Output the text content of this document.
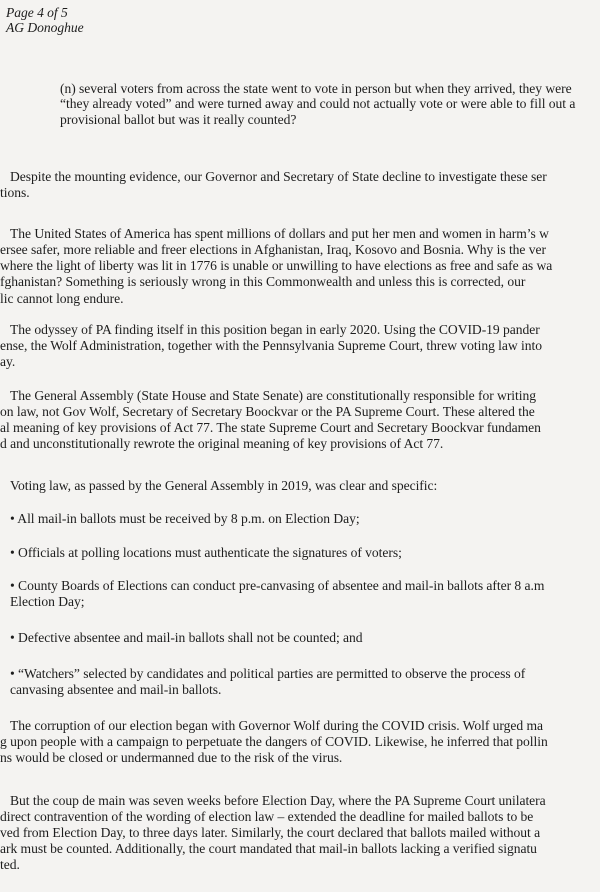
Page 4 of 5
AG Donoghue
(n) several voters from across the state went to vote in person but when they arrived, they were
“they already voted” and were turned away and could not actually vote or were able to fill out a
provisional ballot but was it really counted?
Despite the mounting evidence, our Governor and Secretary of State decline to investigate these ser
tions.
The United States of America has spent millions of dollars and put her men and women in harm’s w
ersee safer, more reliable and freer elections in Afghanistan, Iraq, Kosovo and Bosnia. Why is the ver
where the light of liberty was lit in 1776 is unable or unwilling to have elections as free and safe as wa
fghanistan? Something is seriously wrong in this Commonwealth and unless this is corrected, our
lic cannot long endure.
The odyssey of PA finding itself in this position began in early 2020. Using the COVID-19 pander
ense, the Wolf Administration, together with the Pennsylvania Supreme Court, threw voting law into
ay.
The General Assembly (State House and State Senate) are constitutionally responsible for writing
on law, not Gov Wolf, Secretary of Secretary Boockvar or the PA Supreme Court. These altered the
al meaning of key provisions of Act 77. The state Supreme Court and Secretary Boockvar fundamen
d and unconstitutionally rewrote the original meaning of key provisions of Act 77.
Voting law, as passed by the General Assembly in 2019, was clear and specific:
• All mail-in ballots must be received by 8 p.m. on Election Day;
• Officials at polling locations must authenticate the signatures of voters;
• County Boards of Elections can conduct pre-canvasing of absentee and mail-in ballots after 8 a.m
Election Day;
• Defective absentee and mail-in ballots shall not be counted; and
• “Watchers” selected by candidates and political parties are permitted to observe the process of
canvasing absentee and mail-in ballots.
The corruption of our election began with Governor Wolf during the COVID crisis. Wolf urged ma
g upon people with a campaign to perpetuate the dangers of COVID. Likewise, he inferred that pollin
ns would be closed or undermanned due to the risk of the virus.
But the coup de main was seven weeks before Election Day, where the PA Supreme Court unilatera
direct contravention of the wording of election law – extended the deadline for mailed ballots to be
ved from Election Day, to three days later. Similarly, the court declared that ballots mailed without a
ark must be counted. Additionally, the court mandated that mail-in ballots lacking a verified signatu
ted.
